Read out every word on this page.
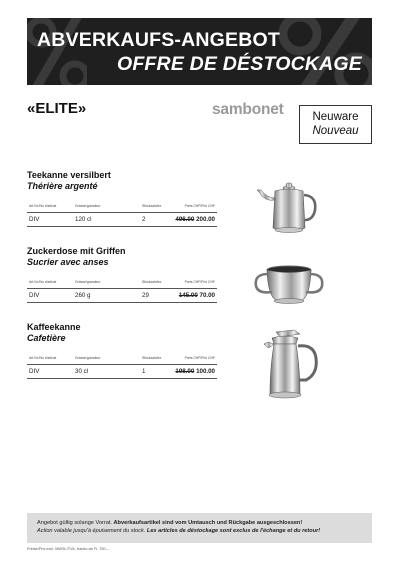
ABVERKAUFS-ANGEBOT
OFFRE DE DÉSTOCKAGE
«ELITE»	sambonet	Neuware
Nouveau
Teekanne versilbert
Thérière argenté
Art.Nr./No d'article	Grösse/grandeur	Stückzahl/ex.	Preis CHF/Prix CHF
DIV	120 cl	2	496.00 200.00
Zuckerdose mit Griffen
Sucrier avec anses
Art.Nr./No d'article	Grösse/grandeur	Stückzahl/ex.	Preis CHF/Prix CHF
DIV	260 g	29	145.00 70.00
Kaffeekanne
Cafetière
Art.Nr./No d'article	Grösse/grandeur	Stückzahl/ex.	Preis CHF/Prix CHF
DIV	30 cl	1	198.00 100.00
Angebot gültig solange Vorrat. Abverkaufsartikel sind vom Umtausch und Rückgabe ausgeschlossen!
Action valable jusqu'à épuisement du stock. Les articles de déstockage sont exclus de l'échange et du retour!
Preise/Prix excl. MWSt./TVA, franko ab Fr. 750.–
